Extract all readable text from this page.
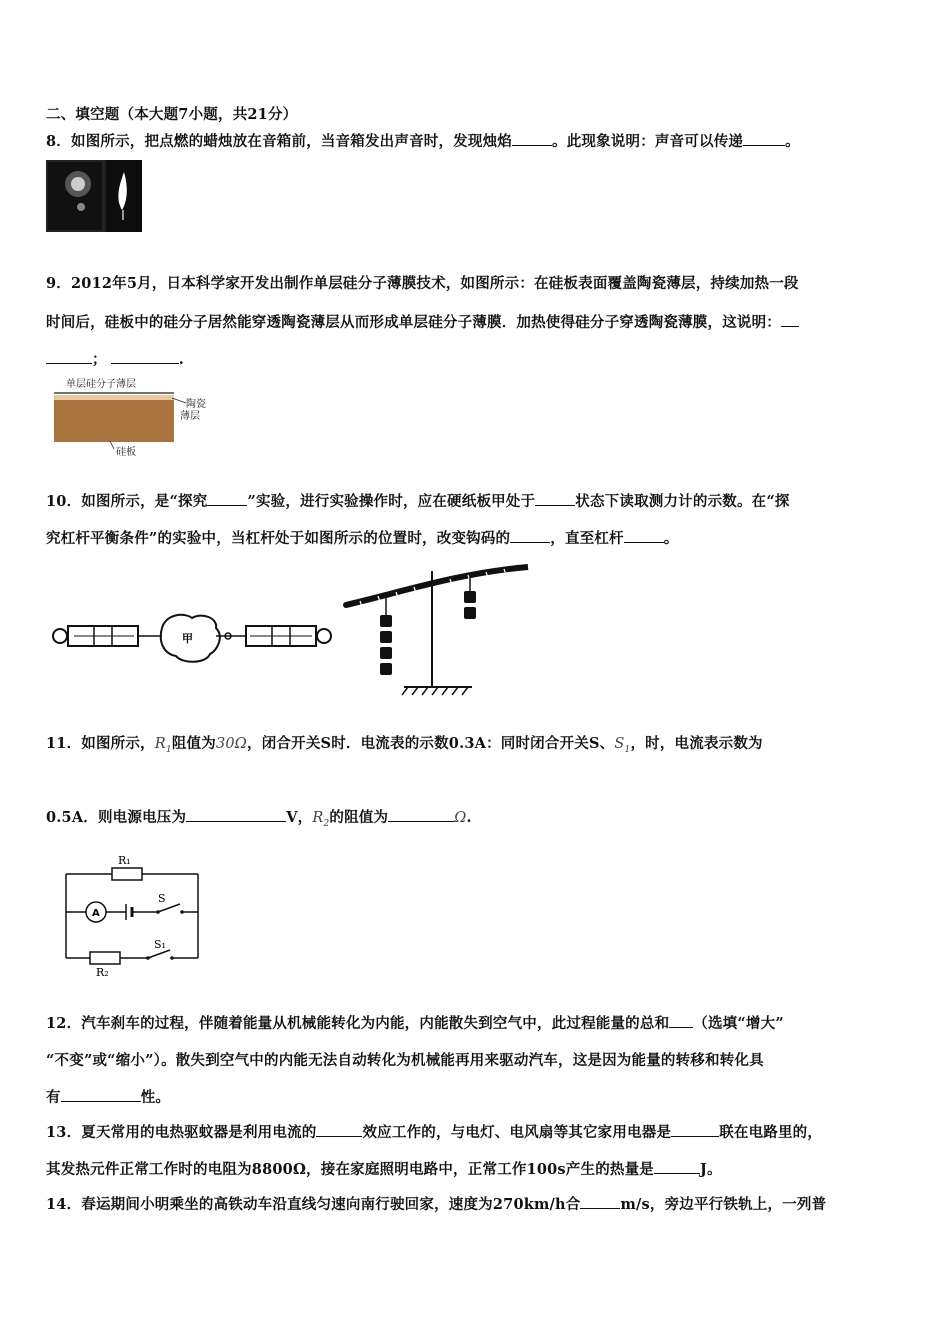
二、填空题（本大题7小题，共21分）
8．如图所示，把点燃的蜡烛放在音箱前，当音箱发出声音时，发现烛焰	。此现象说明：声音可以传递	。
9．2012年5月，日本科学家开发出制作单层硅分子薄膜技术，如图所示：在硅板表面覆盖陶瓷薄层，持续加热一段
时间后，硅板中的硅分子居然能穿透陶瓷薄层从而形成单层硅分子薄膜．加热使得硅分子穿透陶瓷薄膜，这说明：
；	.
单层硅分子薄层
陶瓷
薄层
硅板
10．如图所示，是“探究	”实验，进行实验操作时，应在硬纸板甲处于	状态下读取测力计的示数。在“探
究杠杆平衡条件”的实验中，当杠杆处于如图所示的位置时，改变钩码的	，直至杠杆	。
甲
11．如图所示，$R_1$阻值为30Ω，闭合开关S时．电流表的示数0.3A：同时闭合开关S、$S_1$，时，电流表示数为
0.5A．则电源电压为	V，$R_2$的阻值为	Ω.
R₁
A
S
S₁
R₂
12．汽车刹车的过程，伴随着能量从机械能转化为内能，内能散失到空气中，此过程能量的总和 （选填“增大”
“不变”或“缩小”）。散失到空气中的内能无法自动转化为机械能再用来驱动汽车，这是因为能量的转移和转化具
有	性。
13．夏天常用的电热驱蚊器是利用电流的	效应工作的，与电灯、电风扇等其它家用电器是	联在电路里的，
其发热元件正常工作时的电阻为8800Ω，接在家庭照明电路中，正常工作100s产生的热量是	J。
14．春运期间小明乘坐的高铁动车沿直线匀速向南行驶回家，速度为270km/h合	m/s，旁边平行铁轨上，一列普
